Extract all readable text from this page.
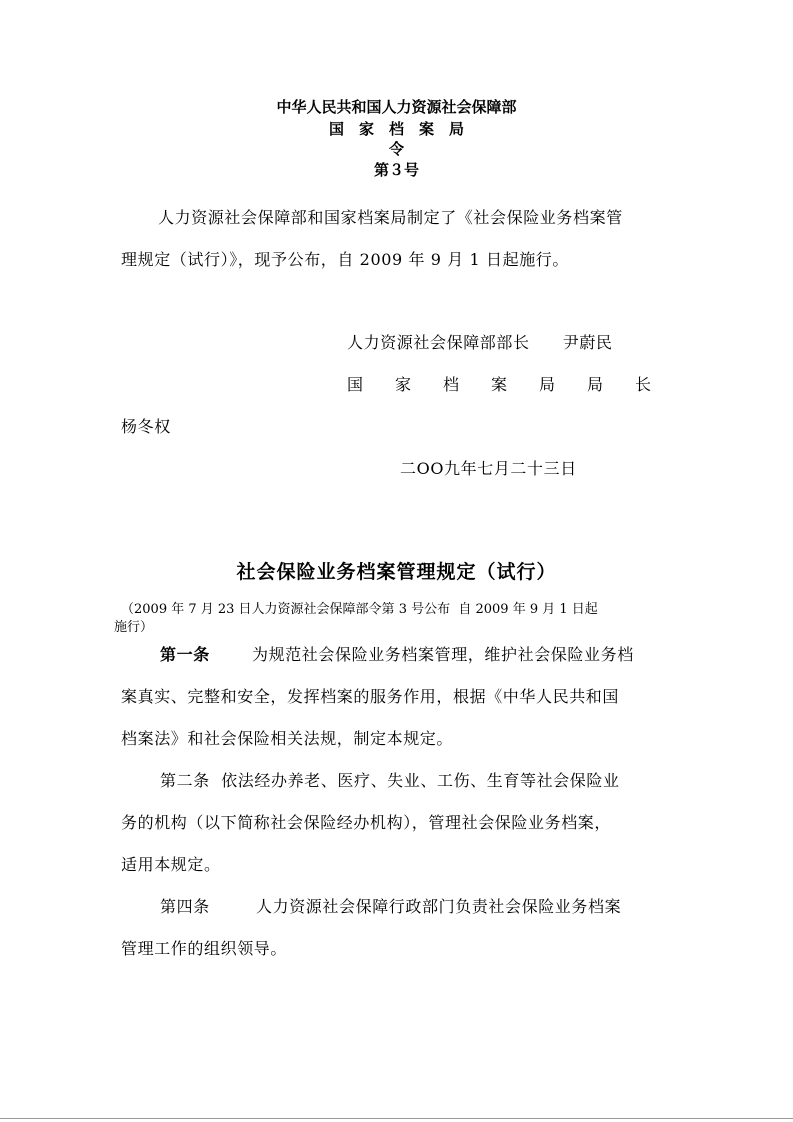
中华人民共和国人力资源社会保障部
国　家　档　案　局
令
第３号
人力资源社会保障部和国家档案局制定了《社会保险业务档案管
理规定（试行）》，现予公布，自 2009 年 9 月 1 日起施行。
人力资源社会保障部部长　　尹蔚民
国　　家　　档　　案　　局　　局　　长
杨冬权
二OO九年七月二十三日
社会保险业务档案管理规定（试行）
（2009 年 7 月 23 日人力资源社会保障部令第 3 号公布  自 2009 年 9 月 1 日起
施行）
第一条	为规范社会保险业务档案管理，维护社会保险业务档
案真实、完整和安全，发挥档案的服务作用，根据《中华人民共和国
档案法》和社会保险相关法规，制定本规定。
第二条  依法经办养老、医疗、失业、工伤、生育等社会保险业
务的机构（以下简称社会保险经办机构），管理社会保险业务档案，
适用本规定。
第四条	人力资源社会保障行政部门负责社会保险业务档案
管理工作的组织领导。
